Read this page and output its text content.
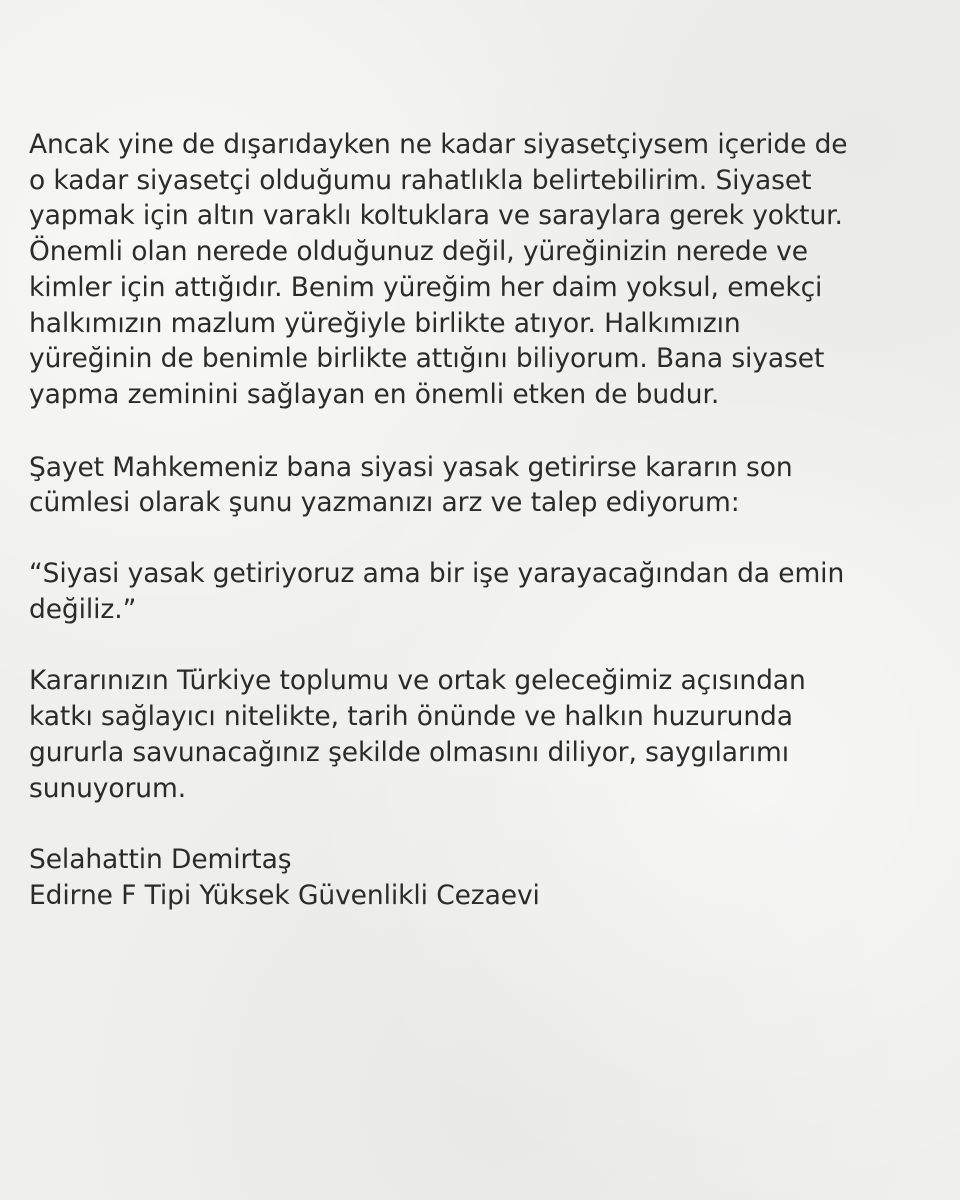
Ancak yine de dışarıdayken ne kadar siyasetçiysem içeride de
o kadar siyasetçi olduğumu rahatlıkla belirtebilirim. Siyaset
yapmak için altın varaklı koltuklara ve saraylara gerek yoktur.
Önemli olan nerede olduğunuz değil, yüreğinizin nerede ve
kimler için attığıdır. Benim yüreğim her daim yoksul, emekçi
halkımızın mazlum yüreğiyle birlikte atıyor. Halkımızın
yüreğinin de benimle birlikte attığını biliyorum. Bana siyaset
yapma zeminini sağlayan en önemli etken de budur.

Şayet Mahkemeniz bana siyasi yasak getirirse kararın son
cümlesi olarak şunu yazmanızı arz ve talep ediyorum:

“Siyasi yasak getiriyoruz ama bir işe yarayacağından da emin
değiliz.”

Kararınızın Türkiye toplumu ve ortak geleceğimiz açısından
katkı sağlayıcı nitelikte, tarih önünde ve halkın huzurunda
gururla savunacağınız şekilde olmasını diliyor, saygılarımı
sunuyorum.

Selahattin Demirtaş
Edirne F Tipi Yüksek Güvenlikli Cezaevi
